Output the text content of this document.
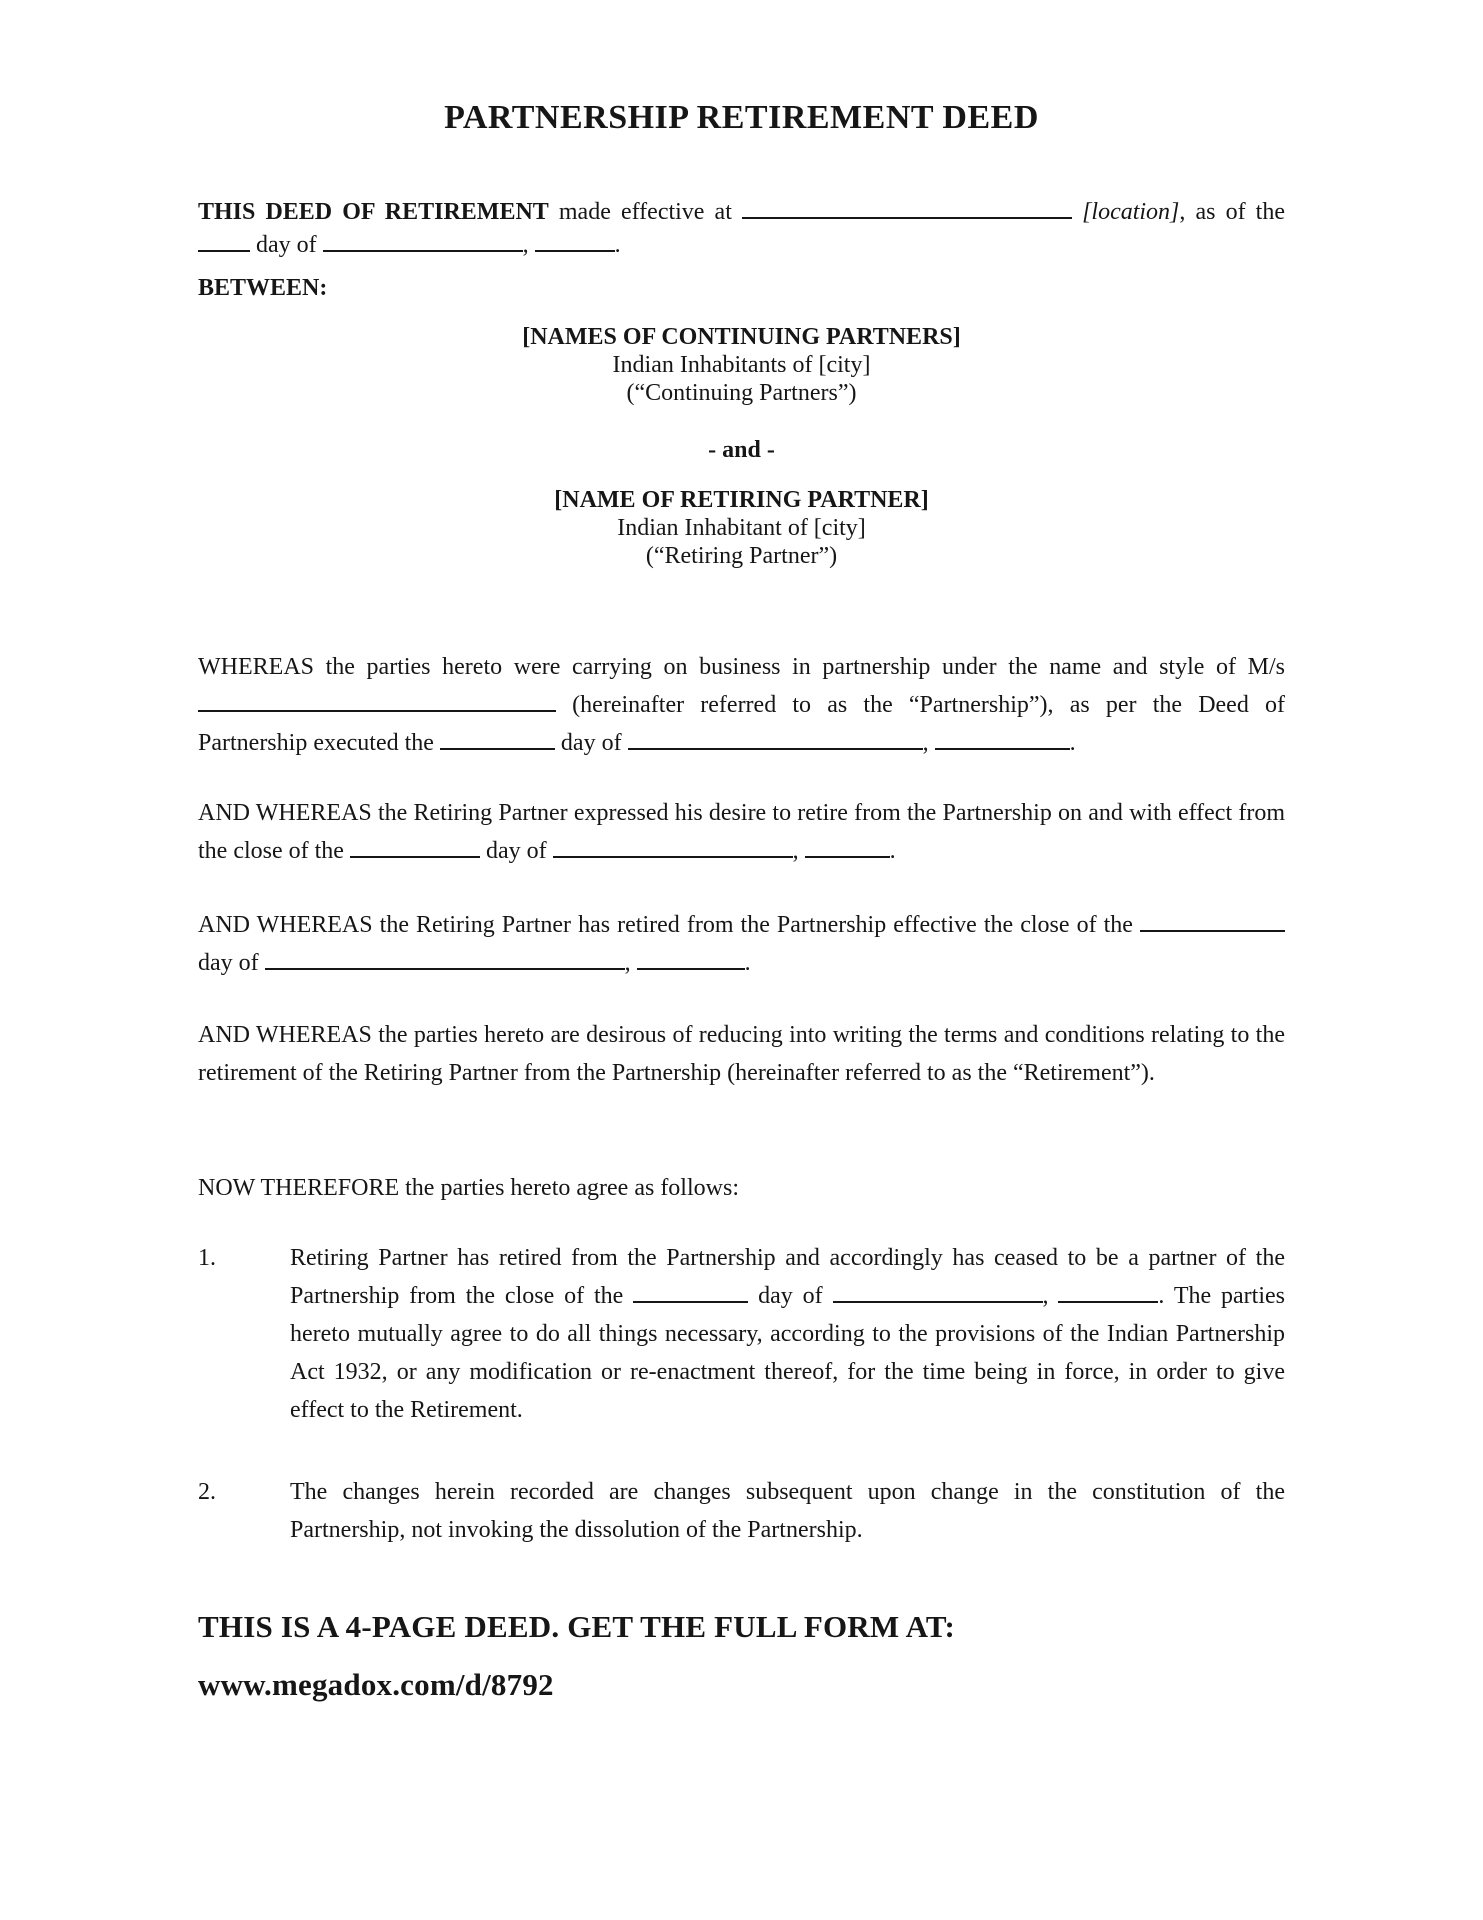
PARTNERSHIP RETIREMENT DEED

THIS DEED OF RETIREMENT made effective at	[location], as of the  day of	,	.

BETWEEN:

[NAMES OF CONTINUING PARTNERS]
Indian Inhabitants of [city]
(“Continuing Partners”)
- and -
[NAME OF RETIRING PARTNER]
Indian Inhabitant of [city]
(“Retiring Partner”)

WHEREAS the parties hereto were carrying on business in partnership under the name and style of M/s  (hereinafter referred to as the “Partnership”), as per the Deed of Partnership executed the	day of	,	.

AND WHEREAS the Retiring Partner expressed his desire to retire from the Partnership on and with effect from the close of the	day of	,	.

AND WHEREAS the Retiring Partner has retired from the Partnership effective the close of the  day of	,	.

AND WHEREAS the parties hereto are desirous of reducing into writing the terms and conditions relating to the retirement of the Retiring Partner from the Partnership (hereinafter referred to as the “Retirement”).

NOW THEREFORE the parties hereto agree as follows:

1.	Retiring Partner has retired from the Partnership and accordingly has ceased to be a partner of the Partnership from the close of the	day of	,	. The parties hereto mutually agree to do all things necessary, according to the provisions of the Indian Partnership Act 1932, or any modification or re-enactment thereof, for the time being in force, in order to give effect to the Retirement.
2.	The changes herein recorded are changes subsequent upon change in the constitution of the Partnership, not invoking the dissolution of the Partnership.

THIS IS A 4-PAGE DEED. GET THE FULL FORM AT:

www.megadox.com/d/8792
